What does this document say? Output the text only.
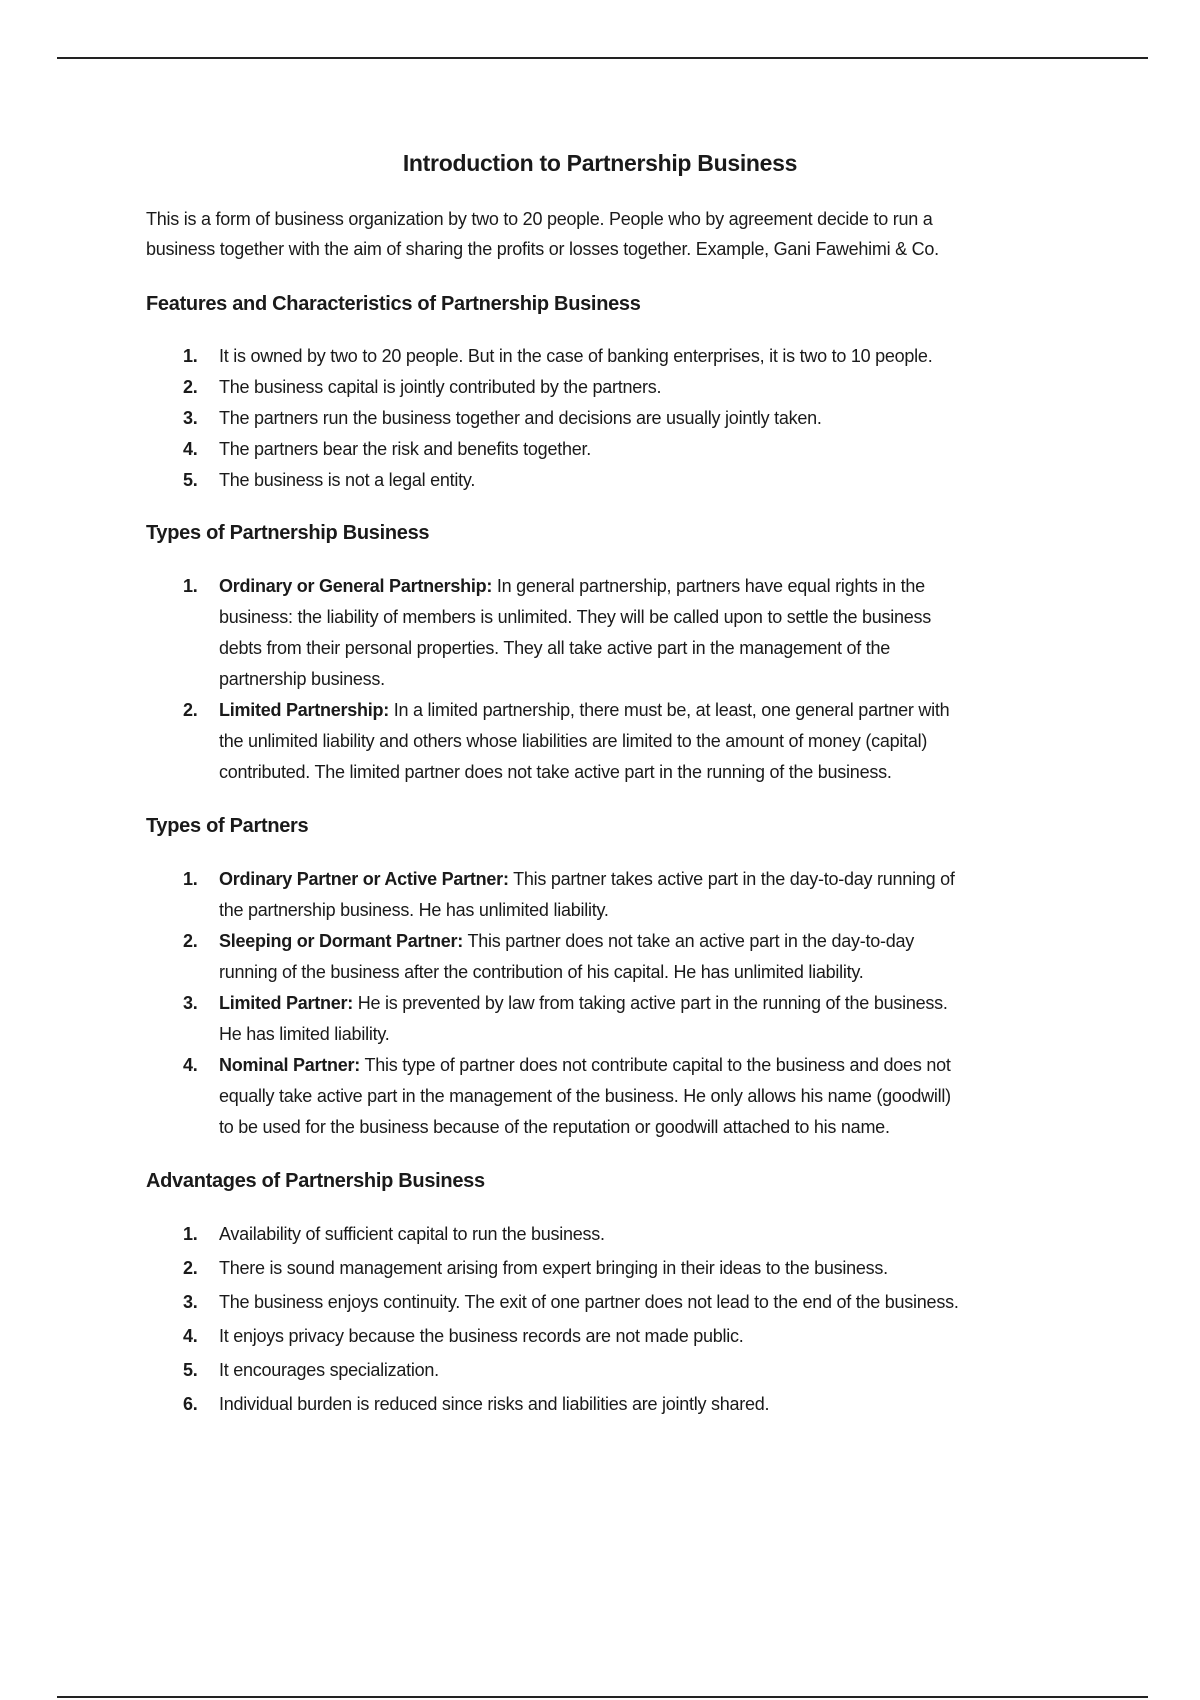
Introduction to Partnership Business
This is a form of business organization by two to 20 people. People who by agreement decide to run a
business together with the aim of sharing the profits or losses together. Example, Gani Fawehimi & Co.
Features and Characteristics of Partnership Business
1. It is owned by two to 20 people. But in the case of banking enterprises, it is two to 10 people.
2. The business capital is jointly contributed by the partners.
3. The partners run the business together and decisions are usually jointly taken.
4. The partners bear the risk and benefits together.
5. The business is not a legal entity.
Types of Partnership Business
1. Ordinary or General Partnership: In general partnership, partners have equal rights in the
business: the liability of members is unlimited. They will be called upon to settle the business
debts from their personal properties. They all take active part in the management of the
partnership business.
2. Limited Partnership: In a limited partnership, there must be, at least, one general partner with
the unlimited liability and others whose liabilities are limited to the amount of money (capital)
contributed. The limited partner does not take active part in the running of the business.
Types of Partners
1. Ordinary Partner or Active Partner: This partner takes active part in the day-to-day running of
the partnership business. He has unlimited liability.
2. Sleeping or Dormant Partner: This partner does not take an active part in the day-to-day
running of the business after the contribution of his capital. He has unlimited liability.
3. Limited Partner: He is prevented by law from taking active part in the running of the business.
He has limited liability.
4. Nominal Partner: This type of partner does not contribute capital to the business and does not
equally take active part in the management of the business. He only allows his name (goodwill)
to be used for the business because of the reputation or goodwill attached to his name.
Advantages of Partnership Business
1. Availability of sufficient capital to run the business.
2. There is sound management arising from expert bringing in their ideas to the business.
3. The business enjoys continuity. The exit of one partner does not lead to the end of the business.
4. It enjoys privacy because the business records are not made public.
5. It encourages specialization.
6. Individual burden is reduced since risks and liabilities are jointly shared.
